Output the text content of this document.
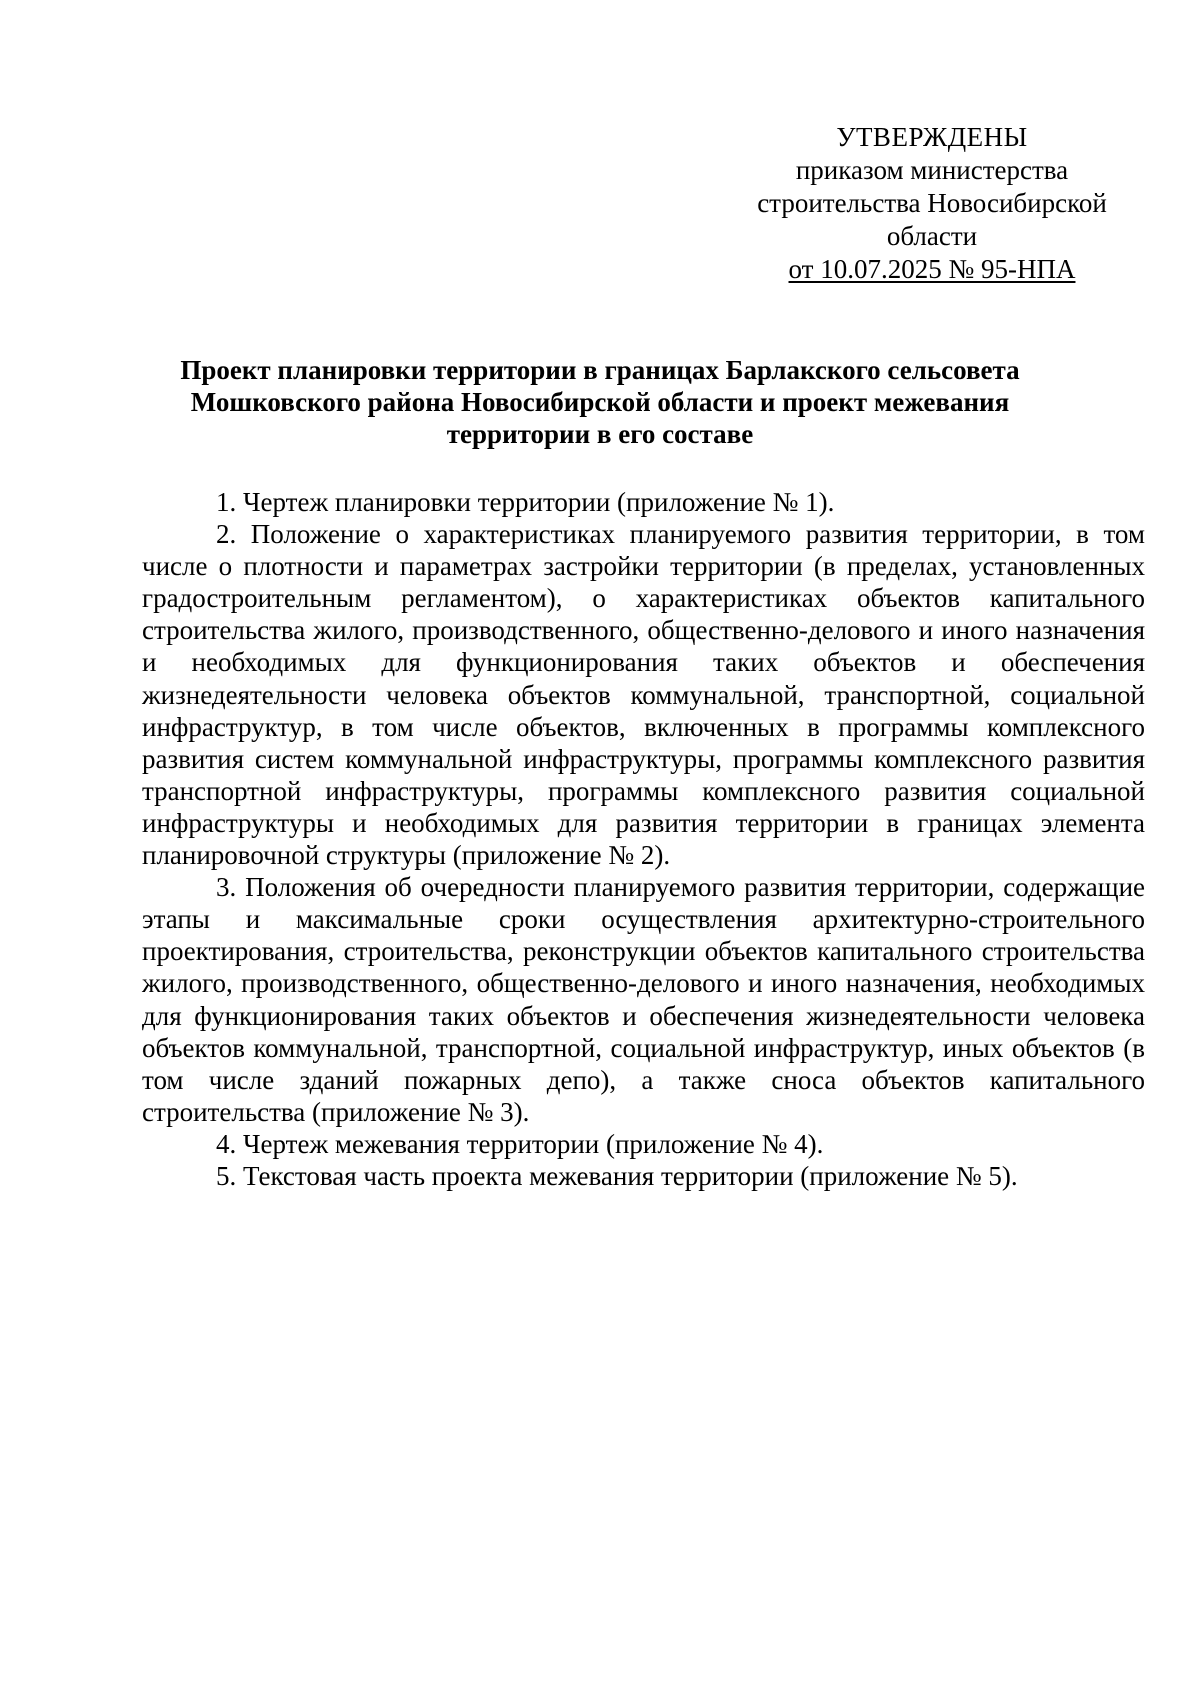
УТВЕРЖДЕНЫ
приказом министерства
строительства Новосибирской
области
от 10.07.2025 № 95-НПА
Проект планировки территории в границах Барлакского сельсовета
Мошковского района Новосибирской области и проект межевания
территории в его составе

1. Чертеж планировки территории (приложение № 1).

2. Положение о характеристиках планируемого развития территории, в том числе о плотности и параметрах застройки территории (в пределах, установленных градостроительным регламентом), о характеристиках объектов капитального строительства жилого, производственного, общественно-делового и иного назначения и необходимых для функционирования таких объектов и обеспечения жизнедеятельности человека объектов коммунальной, транспортной, социальной инфраструктур, в том числе объектов, включенных в программы комплексного развития систем коммунальной инфраструктуры, программы комплексного развития транспортной инфраструктуры, программы комплексного развития социальной инфраструктуры и необходимых для развития территории в границах элемента планировочной структуры (приложение № 2).

3. Положения об очередности планируемого развития территории, содержащие этапы и максимальные сроки осуществления архитектурно-строительного проектирования, строительства, реконструкции объектов капитального строительства жилого, производственного, общественно-делового и иного назначения, необходимых для функционирования таких объектов и обеспечения жизнедеятельности человека объектов коммунальной, транспортной, социальной инфраструктур, иных объектов (в том числе зданий пожарных депо), а также сноса объектов капитального строительства (приложение № 3).

4. Чертеж межевания территории (приложение № 4).

5. Текстовая часть проекта межевания территории (приложение № 5).
